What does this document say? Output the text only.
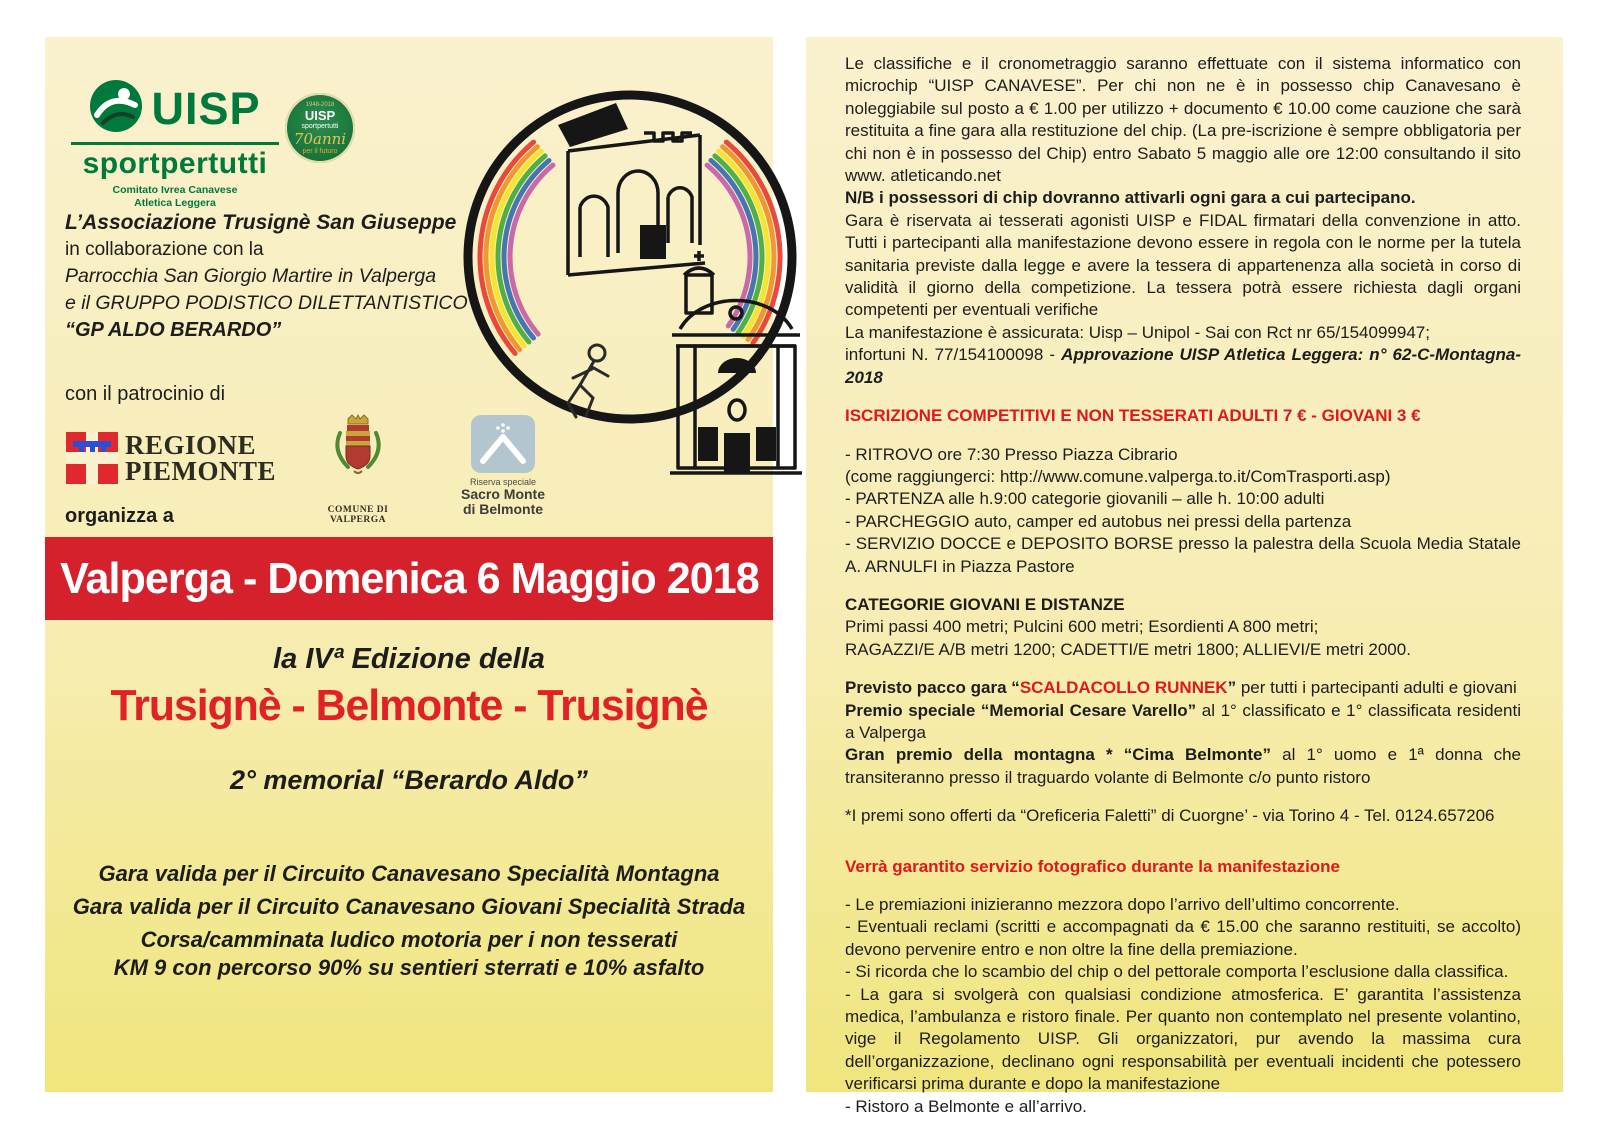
UISP
sportpertutti
Comitato Ivrea Canavese
Atletica Leggera
1948-2018
UISP
sportpertutti
70anni
per il futuro
L’Associazione Trusignè San Giuseppe
in collaborazione con la
Parrocchia San Giorgio Martire in Valperga
e il GRUPPO PODISTICO DILETTANTISTICO
“GP ALDO BERARDO”
con il patrocinio di
REGIONE
PIEMONTE
COMUNE DI VALPERGA
Riserva speciale
Sacro Monte
di Belmonte
organizza a
Valperga - Domenica 6 Maggio 2018
la IVª Edizione della
Trusignè - Belmonte - Trusignè
2° memorial “Berardo Aldo”
Gara valida per il Circuito Canavesano Specialità Montagna
Gara valida per il Circuito Canavesano Giovani Specialità Strada
Corsa/camminata ludico motoria per i non tesserati
KM 9 con percorso 90% su sentieri sterrati e 10% asfalto

Le classifiche e il cronometraggio saranno effettuate con il sistema informatico con microchip “UISP CANAVESE”. Per chi non ne è in possesso chip Canavesano è noleggiabile sul posto a € 1.00 per utilizzo + documento € 10.00 come cauzione che sarà restituita a fine gara alla restituzione del chip. (La pre-iscrizione è sempre obbligatoria per chi non è in possesso del Chip) entro Sabato 5 maggio alle ore 12:00 consultando il sito www. atleticando.net

N/B i possessori di chip dovranno attivarli ogni gara a cui partecipano.

Gara è riservata ai tesserati agonisti UISP e FIDAL firmatari della convenzione in atto. Tutti i partecipanti alla manifestazione devono essere in regola con le norme per la tutela sanitaria previste dalla legge e avere la tessera di appartenenza alla società in corso di validità il giorno della competizione. La tessera potrà essere richiesta dagli organi competenti per eventuali verifiche

La manifestazione è assicurata: Uisp – Unipol - Sai con Rct nr 65/154099947;

infortuni N. 77/154100098 - Approvazione UISP Atletica Leggera: n° 62-C-Montagna-2018

ISCRIZIONE COMPETITIVI E NON TESSERATI ADULTI 7 € - GIOVANI 3 €

- RITROVO ore 7:30 Presso Piazza Cibrario

(come raggiungerci: http://www.comune.valperga.to.it/ComTrasporti.asp)

- PARTENZA alle h.9:00 categorie giovanili – alle h. 10:00 adulti

- PARCHEGGIO auto, camper ed autobus nei pressi della partenza

- SERVIZIO DOCCE e DEPOSITO BORSE presso la palestra della Scuola Media Statale A. ARNULFI in Piazza Pastore

CATEGORIE GIOVANI E DISTANZE

Primi passi 400 metri; Pulcini 600 metri; Esordienti A 800 metri;

RAGAZZI/E A/B metri 1200; CADETTI/E metri 1800; ALLIEVI/E metri 2000.

Previsto pacco gara “SCALDACOLLO RUNNEK” per tutti i partecipanti adulti e giovani

Premio speciale “Memorial Cesare Varello” al 1° classificato e 1° classificata residenti a Valperga

Gran premio della montagna * “Cima Belmonte” al 1° uomo e 1ª donna che transiteranno presso il traguardo volante di Belmonte c/o punto ristoro

*I premi sono offerti da “Oreficeria Faletti” di Cuorgne’ - via Torino 4 - Tel. 0124.657206

Verrà garantito servizio fotografico durante la manifestazione

- Le premiazioni inizieranno mezzora dopo l’arrivo dell’ultimo concorrente.

- Eventuali reclami (scritti e accompagnati da € 15.00 che saranno restituiti, se accolto) devono pervenire entro e non oltre la fine della premiazione.

- Si ricorda che lo scambio del chip o del pettorale comporta l’esclusione dalla classifica.

- La gara si svolgerà con qualsiasi condizione atmosferica. E’ garantita l’assistenza medica, l’ambulanza e ristoro finale. Per quanto non contemplato nel presente volantino, vige il Regolamento UISP. Gli organizzatori, pur avendo la massima cura dell’organizzazione, declinano ogni responsabilità per eventuali incidenti che potessero verificarsi prima durante e dopo la manifestazione

- Ristoro a Belmonte e all’arrivo.
